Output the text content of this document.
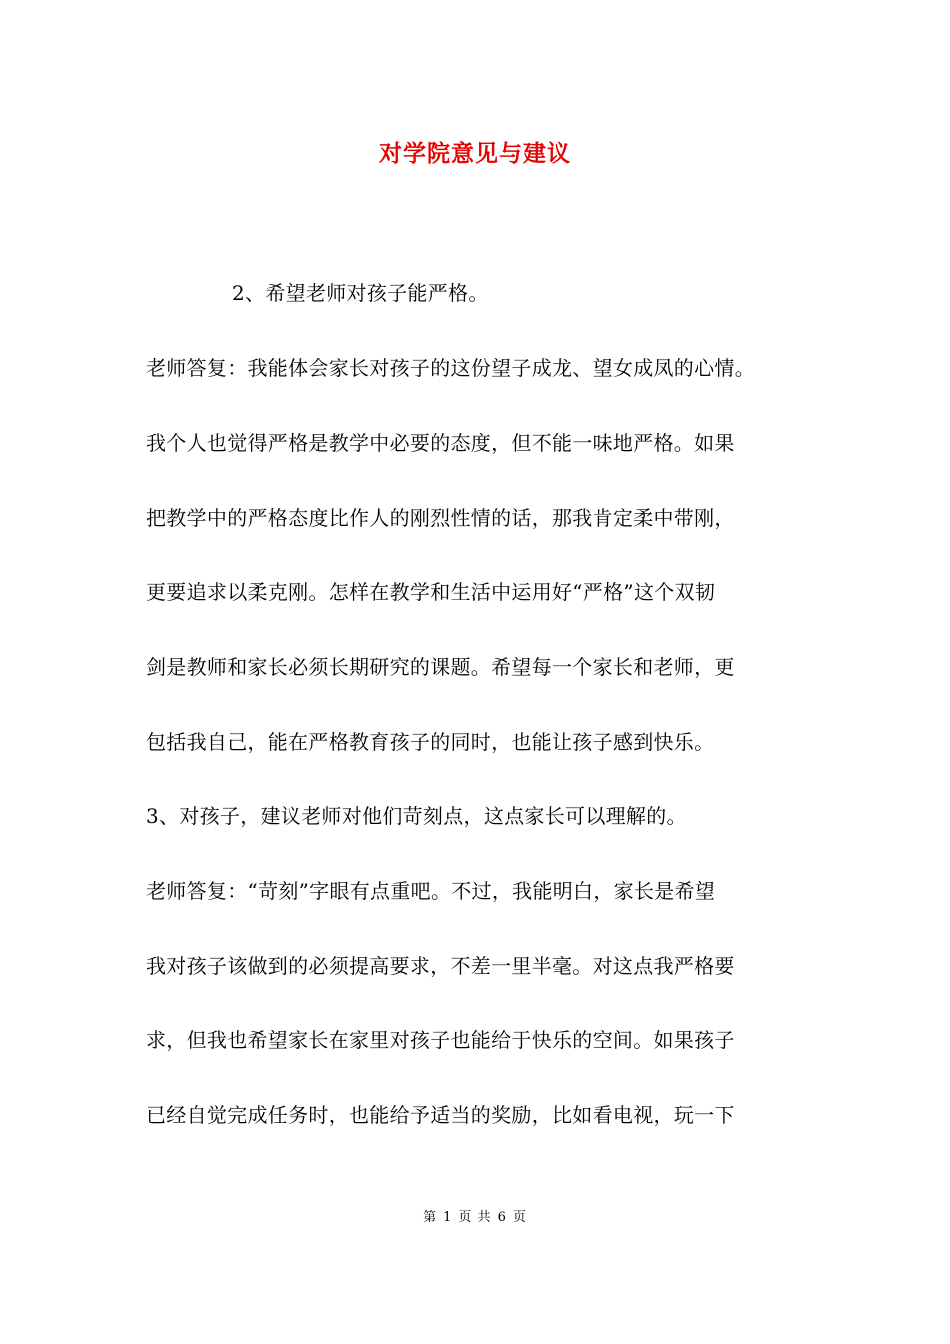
对学院意见与建议
2、希望老师对孩子能严格。
老师答复：我能体会家长对孩子的这份望子成龙、望女成凤的心情。
我个人也觉得严格是教学中必要的态度，但不能一味地严格。如果
把教学中的严格态度比作人的刚烈性情的话，那我肯定柔中带刚，
更要追求以柔克刚。怎样在教学和生活中运用好“严格”这个双韧
剑是教师和家长必须长期研究的课题。希望每一个家长和老师，更
包括我自己，能在严格教育孩子的同时，也能让孩子感到快乐。
3、对孩子，建议老师对他们苛刻点，这点家长可以理解的。
老师答复：“苛刻”字眼有点重吧。不过，我能明白，家长是希望
我对孩子该做到的必须提高要求，不差一里半毫。对这点我严格要
求，但我也希望家长在家里对孩子也能给于快乐的空间。如果孩子
已经自觉完成任务时，也能给予适当的奖励，比如看电视，玩一下
第 1 页 共 6 页
